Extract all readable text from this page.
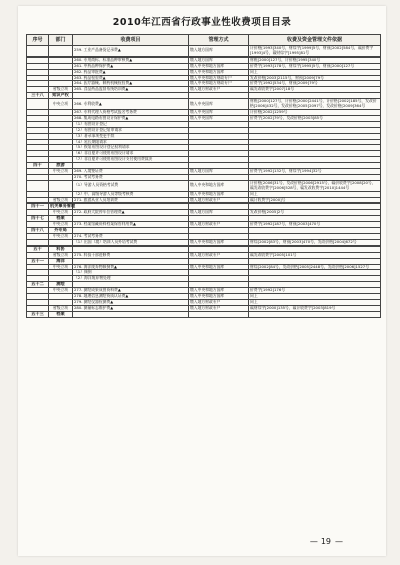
2010年江西省行政事业性收费项目目录
序号	部门	收费项目	管理方式	收费及资金管理文件依据
		259. 工业产品备货记录费▲	缴入地方国库	计价格[1993]340号，财综字[1999]5号，财预[2002]584号，赣价费字[1993]4号，赣财综字[1995]81号

		260. 专用商标、标准品种审核费▲	缴入地方国库	财税[2000]127号，计价格[1995]340号
		261. 中药品种保护费▲	缴入中央和地方国库	价费字[1993]178号，财综字[1995]5号，财预[2000]127号
		262. 药品审批费▲	缴入中央和地方国库	同上
		263. 药品检验费▲	缴入中央和地方财政专户	发改价格[2003]2115号，财预[2009]79号
		264. 医疗器械、制药机械检验费▲	缴入中央和地方财政专户	价费字[1992]534号，财预[2009]79号
	省级立项	265. 食品药品监督系统培训费▲	缴入地方财政专户	赣发改收费字[2007]18号
三十八	知识产权			
	中央立项	266. 专利收费▲	缴入中央国库	财税[2000]127号，计价格[2000]2441号，计价格[2002]185号，发改价格[2006]432号，发改价格[2005]2097号，发改价格[2009]364号
		267. 专利代理人资格考试报名考务费	缴入中央国库	计价格[2002]1259号
		268. 集成电路布图设计保护费▲	缴入中央国库	价费字[2002]79号，发改价格[2003]85号
		（1）布图设计登记		
		（2）布图设计登记复审请求		
		（3）著录事项变更手续		
		（4）延长期限请求		
		（5）恢复布图设计登记权利请求		
		（6）非自愿许可使用布图设计请求		
		（7）非自愿许可使用布图设计支付使用费裁决		
四十	旅游			
	中央立项	269. 入境签证费	缴入地方国库	价费字[1992]132号，财综字[1994]32号
		270. 考试考务费		
		（1）导游人员资格考试费	缴入中央和地方国库	计价格[2006]31号，发改价格[2006]2915号，赣价收费字[2008]20号，赣发改收费字[2006]528号，赣发改收费字[2010]1444号
		（2）中、高级导游人员等级考核费	缴入中央和地方国库	同上
	省级立项	271. 旅游从业人员培训费	缴入地方财政专户	赣计收费字[2000]号

四十一	机关事务管理			
	中央立项	272. 政府大院停车位管理费▲	缴入地方国库	发改价格[2005]2号
四十七	档案			
	中央立项	273. 档案馆藏资料档案保管利用费▲	缴入地方财政专户	价费字[1992]187号，财预[2003]470号
四十八	外专局			
	中央立项	274. 考试考务费		
		（1）出国（境）培训人员外语考试费	缴入中央和地方国库	财综[2002]83号，财预[2003]470号，发改价格[2004]672号

五十	科协			
	省级立项	275. 科技干部进修费	缴入地方财政专户	赣发改收费字[2005]101号
五十一	海洋			
	中央立项	276. 海洋废弃物倾倒费▲	缴入中央和地方国库	财综[2002]84号，发改价格[2005]2448号，发改价格[2006]1527号
		（1）倾倒		
		（2）海洋废弃物处理		
五十二	测绘			
	中央立项	277. 测绘成果成图资料费▲	缴入中央和地方国库	价费字[1992]176号
		278. 地理信息测绘资质认证费▲	缴入中央和地方国库	同上
		279. 测绘仪器检测费▲	缴入地方财政专户	同上
	省级立项	280. 测量标志维护费▲	缴入地方财政专户	赣财综字[2000]135号，赣计收费字[2003]819号
五十三	档案			
— 19 —
